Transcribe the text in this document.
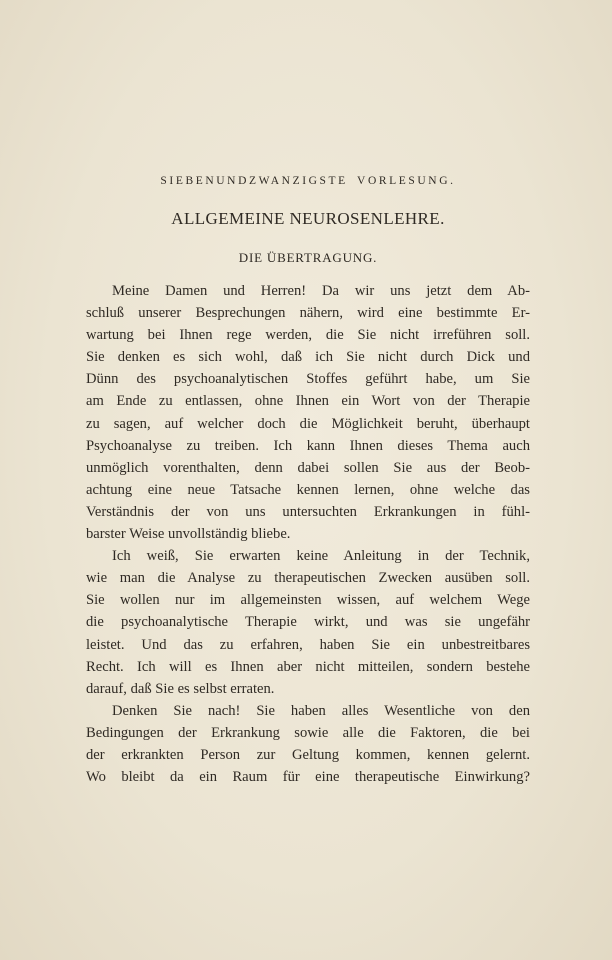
SIEBENUNDZWANZIGSTE VORLESUNG.
ALLGEMEINE NEUROSENLEHRE.
DIE ÜBERTRAGUNG.
Meine Damen und Herren! Da wir uns jetzt dem Ab-
schluß unserer Besprechungen nähern, wird eine bestimmte Er-
wartung bei Ihnen rege werden, die Sie nicht irreführen soll.
Sie denken es sich wohl, daß ich Sie nicht durch Dick und
Dünn des psychoanalytischen Stoffes geführt habe, um Sie
am Ende zu entlassen, ohne Ihnen ein Wort von der Therapie
zu sagen, auf welcher doch die Möglichkeit beruht, überhaupt
Psychoanalyse zu treiben. Ich kann Ihnen dieses Thema auch
unmöglich vorenthalten, denn dabei sollen Sie aus der Beob-
achtung eine neue Tatsache kennen lernen, ohne welche das
Verständnis der von uns untersuchten Erkrankungen in fühl-
barster Weise unvollständig bliebe.
Ich weiß, Sie erwarten keine Anleitung in der Technik,
wie man die Analyse zu therapeutischen Zwecken ausüben soll.
Sie wollen nur im allgemeinsten wissen, auf welchem Wege
die psychoanalytische Therapie wirkt, und was sie ungefähr
leistet. Und das zu erfahren, haben Sie ein unbestreitbares
Recht. Ich will es Ihnen aber nicht mitteilen, sondern bestehe
darauf, daß Sie es selbst erraten.
Denken Sie nach! Sie haben alles Wesentliche von den
Bedingungen der Erkrankung sowie alle die Faktoren, die bei
der erkrankten Person zur Geltung kommen, kennen gelernt.
Wo bleibt da ein Raum für eine therapeutische Einwirkung?
